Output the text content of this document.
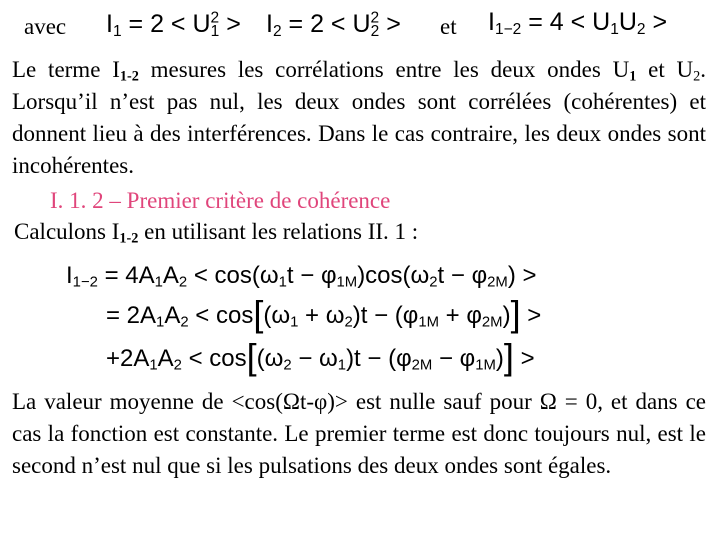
avec $I_1 = 2 < U^2_1 > I_2 = 2 < U^2_2$ > et $I_{1-2} = 4 < U_1U_2$ >
Le terme $I_{1-2}$ mesures les corrélations entre les deux ondes $U_1$ et $U_2$. Lorsqu’il n’est pas nul, les deux ondes sont corrélées (cohérentes) et donnent lieu à des interférences. Dans le cas contraire, les deux ondes sont incohérentes.
I. 1. 2 – Premier critère de cohérence
Calculons $I_{1-2}$ en utilisant les relations II. 1 :
$I_{1-2} = 4A_1A_2 < \cos(\omega_1t - \varphi_{1M})\cos(\omega_2t - \varphi_{2M})$ >
= $2A_1A_2 < \cos[(\omega_1 + \omega_2)t - (\varphi_{1M} + \varphi_{2M})]$ >
$+2A_1A_2 < \cos[(\omega_2 - \omega_1)t - (\varphi_{2M} - \varphi_{1M})]$ >
La valeur moyenne de <cos(Ωt-φ)> est nulle sauf pour Ω = 0, et dans ce cas la fonction est constante. Le premier terme est donc toujours nul, est le second n’est nul que si les pulsations des deux ondes sont égales.
